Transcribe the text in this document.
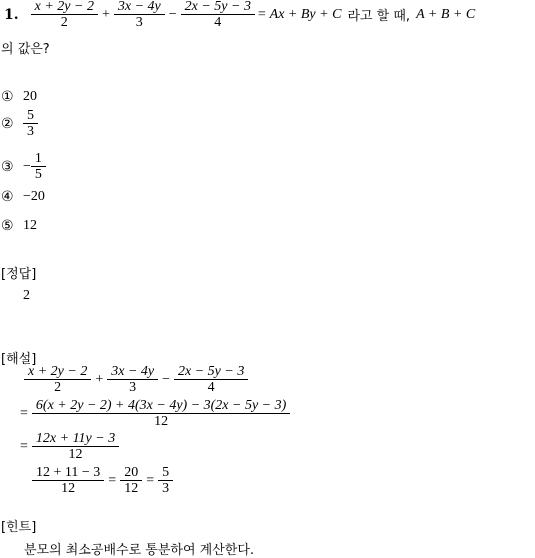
1. $\frac{x + 2y - 2}{2} + \frac{3x - 4y}{3} - \frac{2x - 5y - 3}{4} = Ax + By + C$ 라고 할 때, A + B + C
의 값은?
① 20
② $\frac{5}{3}$
③ − $\frac{1}{5}$
④ −20
⑤ 12
[정답]
2
[해설]
$\frac{x + 2y - 2}{2} + \frac{3x - 4y}{3} - \frac{2x - 5y - 3}{4}$
= $\frac{6(x + 2y - 2) + 4(3x - 4y) - 3(2x - 5y - 3)}{12}$
= $\frac{12x + 11y - 3}{12}$
$\frac{12 + 11 - 3}{12} = \frac{20}{12} = \frac{5}{3}$
[힌트]
분모의 최소공배수로 통분하여 계산한다.
